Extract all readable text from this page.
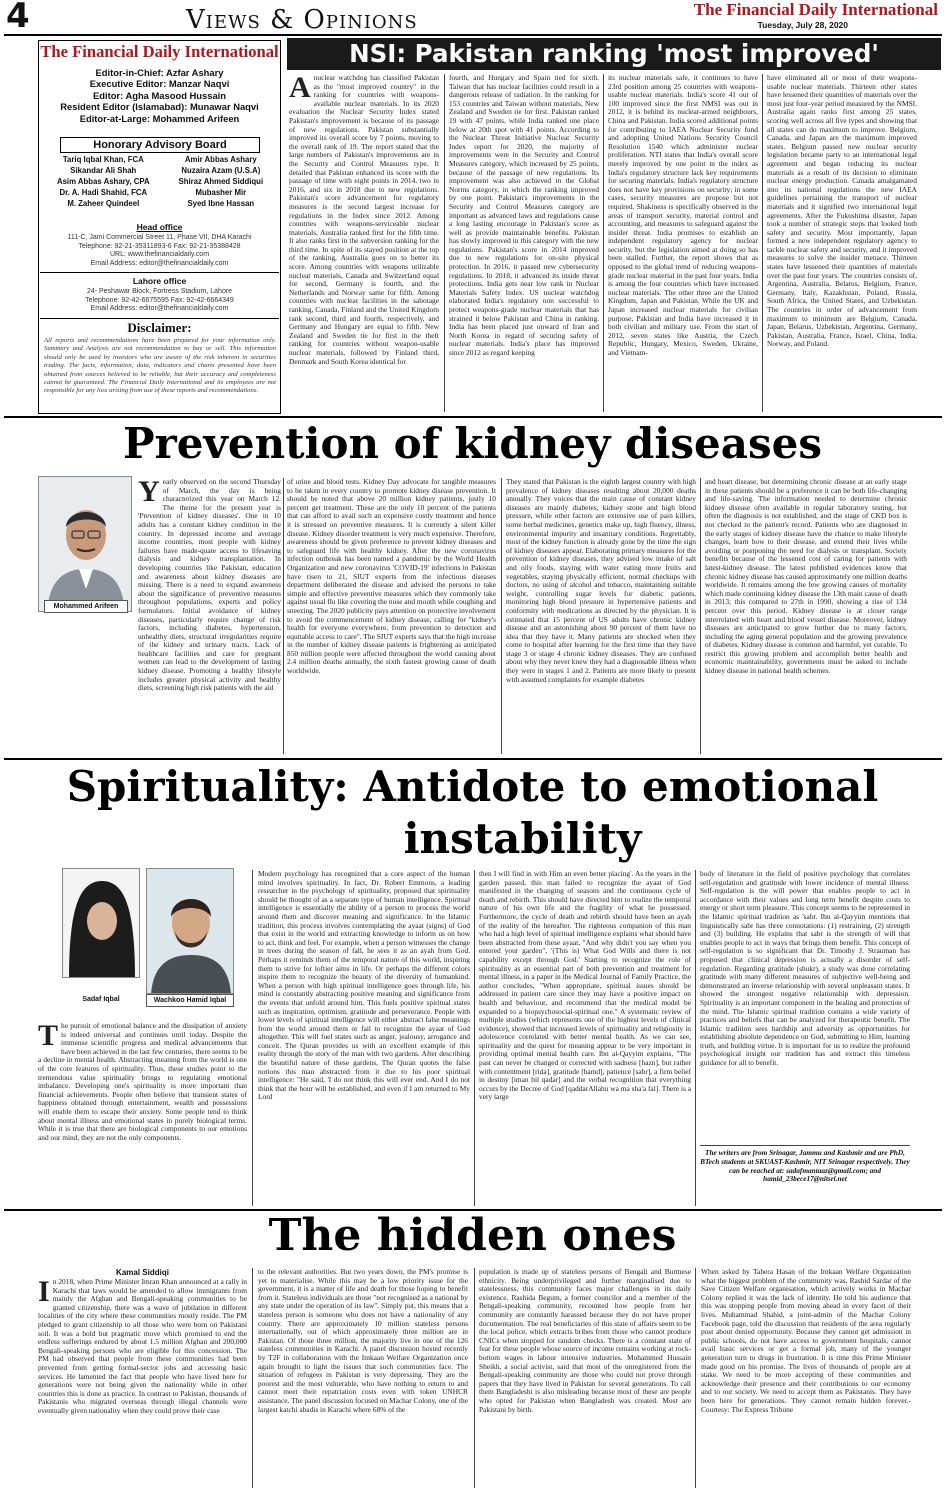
4	Views & Opinions	The Financial Daily International
Tuesday, July 28, 2020
The Financial Daily International
Editor-in-Chief: Azfar Ashary
Executive Editor: Manzar Naqvi
Editor: Agha Masood Hussain
Resident Editor (Islamabad): Munawar Naqvi
Editor-at-Large: Mohammed Arifeen
Honorary Advisory Board
Tariq Iqbal Khan, FCA	Amir Abbas Ashary
Sikandar Ali Shah	Nuzaira Azam (U.S.A)
Asim Abbas Ashary, CPA	Shiraz Ahmed Siddiqui
Dr. A. Hadi Shahid, FCA	Mubasher Mir
M. Zaheer Quindeel	Syed Ibne Hassan
Head office
111-C, Jami Commercial Street 11, Phase VII, DHA Karachi
Telephone: 92-21-35311893-6 Fax: 92-21-35388428
URL: www.thefinancialdaily.com
Email Address: editor@thefinancialdaily.com
Lahore office
24- Peshawar Block, Fortress Stadium, Lahore
Telephone: 92-42-6675595 Fax: 92-42-6664349
Email Address: editor@thefinancialdaily.com
Disclaimer:
All reports and recommendations have been prepared for your information only. Summary and Analysis are not recommendation to buy or sell. This information should only be used by investors who are aware of the risk inherent in securities trading. The facts, information, data, indicators and charts presented have been obtained from sources believed to be reliable, but their accuracy and completeness cannot be guaranteed. The Financial Daily International and its employees are not responsible for any loss arising from use of these reports and recommendations.
NSI: Pakistan ranking 'most improved'
A nuclear watchdog has classified Pakistan as the "most improved country" in the ranking for countries with weapons-available nuclear materials. In its 2020 evaluation the Nuclear Security Index stated Pakistan's improvement is because of its passage of new regulations. Pakistan substantially improved its overall score by 7 points, moving to the overall rank of 19. The report stated that the large numbers of Pakistan's improvements are in the Security and Control Measures type. It detailed that Pakistan enhanced its score with the passage of time with eight points in 2014, two in 2016, and six in 2018 due to new regulations. Pakistan's score advancement for regulatory measures is the second largest increase for regulations in the Index since 2012. Among countries with weapons-serviceable nuclear materials, Australia ranked first for the fifth time. It also ranks first in the subversion ranking for the third time. In spite of its stayed position at the top of the ranking, Australia goes on to better its score. Among countries with weapons utilizable nuclear materials, Canada and Switzerland equal for second, Germany is fourth, and the Netherlands and Norway same for fifth. Among countries with nuclear facilities in the sabotage ranking, Canada, Finland and the United Kingdom rank second, third and fourth, respectively, and Germany and Hungary are equal to fifth. New Zealand and Sweden tie for first in the theft ranking for countries without weapon-usable nuclear materials, followed by Finland third, Denmark and South Korea identical for
fourth, and Hungary and Spain tied for sixth. Taiwan that has nuclear facilities could result in a dangerous release of radiation. In the ranking for 153 countries and Taiwan without materials, New Zealand and Sweden tie for first. Pakistan ranked 19 with 47 points, while India ranked one place below at 20th spot with 41 points. According to the Nuclear Threat Initiative Nuclear Security Index report for 2020, the majority of improvements were in the Security and Control Measures category, which increased by 25 points, because of the passage of new regulations. Its improvement was also achieved in the Global Norms category, in which the ranking improved by one point. Pakistan's improvements in the Security and Control Measures category are important as advanced laws and regulations cause a long lasting encourage in Pakistan's score as well as provide maintainable benefits. Pakistan has slowly improved in this category with the new regulations. Pakistan's score in 2014 improved due to new regulations for on-site physical protection. In 2016, it passed new cybersecurity regulations. In 2018, it advanced its inside threat protections. India gets near low rank in Nuclear Materials Safety Index. US nuclear watchdog elaborated India's regulatory non successful to protect weapons-grade nuclear materials that has strained it below Pakistan and China in ranking. India has been placed just onward of Iran and North Korea in regard of securing safety of nuclear materials. India's place has improved since 2012 as regard keeping
its nuclear materials safe, it continues to have 23rd position among 25 countries with weapons-usable nuclear materials. India's score 41 out of 100 improved since the first NMSI was out in 2012, it is behind its nuclear-armed neighbours, China and Pakistan. India scored additional points for contributing to IAEA Nuclear Security fund and adopting United Nations Security Council Resolution 1540 which administer nuclear proliferation. NTI states that India's overall score merely improved by one point in the index as India's regulatory structure lack key requirements for securing materials. India's regulatory structure does not have key provisions on security; in some cases, security measures are propose but not required. Shakiness is specifically observed in the areas of transport security, material control and accounting, and measures to safeguard against the insider threat. India promises to establish an independent regulatory agency for nuclear security, but the legislation aimed at doing so has been stalled. Further, the report shows that as opposed to the global trend of reducing weapons-grade nuclear material in the past four years, India is among the four countries which have increased nuclear materials. The other three are the United Kingdom, Japan and Pakistan. While the UK and Japan increased nuclear materials for civilian purpose, Pakistan and India have increased it in both civilian and military use. From the start of 2012, seven states like Austria, the Czech Republic, Hungary, Mexico, Sweden, Ukraine, and Vietnam-
have eliminated all or most of their weapons-usable nuclear materials. Thirteen other states have lessened their quantities of materials over the most just four-year period measured by the NMSI. Australia again ranks first among 25 states, scoring well across all five types and showing that all states can do maximum to improve. Belgium, Canada, and Japan are the maximum improved states. Belgium passed new nuclear security legislation became party to an international legal agreement and began reducing its nuclear materials as a result of its decision to eliminate nuclear energy production. Canada amalgamated into its national regulations the new IAEA guidelines pertaining the transport of nuclear materials and it signified two international legal agreements. After the Fukushima disaster, Japan took a number of strategic steps that looked both safety and security. Most importantly, Japan formed a new independent regulatory agency to tackle nuclear safety and security, and it improved measures to solve the insider menace. Thirteen states have lessened their quantities of materials over the past four years. The countries consists of, Argentina, Australia, Belarus, Belgium, France, Germany, Italy, Kazakhstan, Poland, Russia, South Africa, the United States, and Uzbekistan. The countries in order of advancement from maximum to minimum are Belgium, Canada, Japan, Belarus, Uzbekistan, Argentina, Germany, Pakistan, Australia, France, Israel, China, India, Norway, and Poland.
Prevention of kidney diseases
Mohammed Arifeen
Yearly observed on the second Thursday of March, the day is being characterized this year on March 12. The theme for the present year is 'Prevention of kidney diseases'. One in 10 adults has a constant kidney condition in the country. In depressed income and average income countries, most people with kidney failures have made-quate access to lifesaving dialysis and kidney transplantation. In developing countries like Pakistan, education and awareness about kidney diseases are missing. There is a need to expand awareness about the significance of preventive measures throughout populations, experts and policy formulators. Initial avoidance of kidney diseases, particularly require change of risk factors, including diabetes, hypertension, unhealthy diets, structural irregularities require of the kidney and urinary tracts. Lack of healthcare facilities and care for pregnant women can lead to the development of lasting kidney disease. Promoting a healthy lifestyle includes greater physical activity and healthy diets, screening high risk patients with the aid
of urine and blood tests. Kidney Day advocate for tangible measures to be taken in every country to promote kidney disease prevention. It should be noted that above 20 million kidney patients, justly 10 percent get treatment. These are the only 10 percent of the patients that can afford to avail such an expensive costly treatment and hence it is stressed on preventive measures. It is currently a silent killer disease. Kidney disorder treatment is very much expensive. Therefore, awareness should be given preference to prevent kidney diseases and to safeguard life with healthy kidney. After the new coronavirus infection outbreak has been named a pandemic by the World Health Organization and new coronavirus 'COVID-19' infections in Pakistan have risen to 21, SIUT experts from the infectious diseases department deliberated the disease and advised the persons to take simple and effective preventive measures which they commonly take against usual flu like covering the nose and mouth while coughing and sneezing. The 2020 publicity pays attention on protective involvement to avoid the commencement of kidney disease, calling for "kidney's health for everyone everywhere, from prevention to detection and equitable access to care". The SIUT experts says that the high increase in the number of kidney disease patients is frightening as anticipated 850 million people were affected throughout the world causing about 2.4 million deaths annually, the sixth fastest growing cause of death worldwide.
They stated that Pakistan is the eighth largest country with high prevalence of kidney diseases resulting about 20,000 deaths annually. They voices that the main cause of constant kidney diseases are mainly diabetes, kidney stone and high blood pressure, while other factors are extensive use of pain killers, some herbal medicines, genetics make up, high fluency, illness, environmental impurity and insanitary conditions. Regrettably, most of the kidney function is already gone by the time the sign of kidney diseases appear. Elaborating primary measures for the prevention of kidney diseases, they advised low intake of salt and oily foods, staying with water eating more fruits and vegetables, staying physically efficient, normal checkups with doctors, no using of alcohol and tobacco, maintaining suitable weight, controlling sugar levels for diabetic patients, monitoring high blood pressure in hypertensive patients and conformity with medications as directed by the physician. It is estimated that 15 percent of US adults have chronic kidney disease and an astonishing about 90 percent of them have no idea that they have it. Many patients are shocked when they come to hospital after learning for the first time that they have stage 3 or stage 4 chronic kidney diseases. They are confused about why they never knew they had a diagnosable illness when they were in stages 1 and 2. Patients are more likely to present with assumed complaints for example diabetes
and heart disease, but determining chronic disease at an early stage in these patients should be a preference it can be both life-changing and life-saving. The information needed to determine chronic kidney disease often available in regular laboratory testing, but often the diagnosis is not established, and the stage of CKD box is not checked in the patient's record. Patients who are diagnosed in the early stages of kidney disease have the chance to make lifestyle changes, learn how to their disease, and extend their lives while avoiding or postponing the need for dialysis or transplant. Society benefits because of the lessened cost of caring for patients with latest-kidney disease. The latest published evidences know that chronic kidney disease has caused approximately one million deaths worldwide. It remains among the few growing causes of mortality which made continuing kidney disease the 13th main cause of death in 2013; this compared to 27th in 1990, showing a rise of 134 percent over this period. Kidney disease is at closer range interrelated with heart and blood vessel disease. Moreover, kidney diseases are anticipated to grow further due to many factors, including the aging general population and the growing prevalence of diabetes. Kidney disease is common and harmful, yet curable. To restrict this growing problem and accomplish better health and economic maintainability, governments must be asked to include kidney disease in national health schemes.
Spirituality: Antidote to emotional
instability
Sadaf Iqbal	Wachkoo Hamid Iqbal
The pursuit of emotional balance and the dissipation of anxiety is indeed universal and continues until today. Despite the immense scientific progress and medical advancements that have been achieved in the last few centuries, there seems to be a decline in mental health. Abstracting meaning from the world is one of the core features of spirituality. Thus, these studies point to the tremendous value spirituality brings to regulating emotional imbalance. Developing one's spirituality is more important than financial achievements. People often believe that transient states of happiness obtained through entertainment, wealth and possessions will enable them to escape their anxiety. Some people tend to think about mental illness and emotional states in purely biological terms. While it is true that there are biological components to our emotions and our mind, they are not the only components.
Modern psychology has recognized that a core aspect of the human mind involves spirituality. In fact, Dr. Robert Emmons, a leading researcher in the psychology of spirituality, proposed that spirituality should be thought of as a separate type of human intelligence. Spiritual intelligence is essentially the ability of a person to process the world around them and discover meaning and significance. In the Islamic tradition, this process involves contemplating the ayaat (signs) of God that exist in the world and extracting knowledge to inform us on how to act, think and feel. For example, when a person witnesses the change in trees during the season of fall, he sees it as an ayah from God. Perhaps it reminds them of the temporal nature of this world, inspiring them to strive for loftier aims in life. Or perhaps the different colors inspire them to recognize the beauty of the diversity of humankind. When a person with high spiritual intelligence goes through life, his mind is constantly abstracting positive meaning and significance from the events that unfold around him. This fuels positive spiritual states such as inspiration, optimism, gratitude and perseverance. People with lower levels of spiritual intelligence will either abstract false meanings from the world around them or fail to recognize the ayaat of God altogether. This will fuel states such as anger, jealousy, arrogance and conceit. The Quran provides us with an excellent example of this reality through the story of the man with two gardens. After describing the beautiful nature of these gardens, The Quran quotes the false notions this man abstracted from it due to his poor spiritual intelligence: "He said, 'I do not think this will ever end. And I do not think that the hour will be established, and even if I am returned to My Lord
then I will find in with Him an even better placing'. As the years in the garden passed, this man failed to recognize the ayaat of God manifested in the changing of seasons and the continuous cycle of death and rebirth. This should have directed him to realize the temporal nature of his own life and the fragility of what he possessed. Furthermore, the cycle of death and rebirth should have been an ayah of the reality of the hereafter. The righteous companion of this man who had a high level of spiritual intelligence explains what should have been abstracted from these ayaat, "And why didn't you say when you entered your garden", '(This is) What God Wills and there is not capability except through God.' Starting to recognize the role of spirituality as an essential part of both prevention and treatment for mental illness, in a paper in the Medical Journal of Family Practice, the author concludes, "When appropriate, spiritual issues should be addressed in patient care since they may have a positive impact on health and behaviour, and recommend that the medical model be expanded to a biopsychosocial-spiritual one." A systematic review of multiple studies (which represents one of the highest levels of clinical evidence), showed that increased levels of spirituality and religiosity in adolescence correlated with better mental health. As we can see, spirituality and the quest for meaning appear to be very important in providing optimal mental health care. Ibn al-Qayyim explains, "The past can never be changed or corrected with sadness [hazn], but rather with contentment [rida], gratitude [hamd], patience [sabr], a firm belief in destiny [iman bil qadar] and the verbal recognition that everything occurs by the Decree of God [qaddarAllahu wa ma sha'a fal]. There is a very large
body of literature in the field of positive psychology that correlates self-regulation and gratitude with lower incidence of mental illness. Self-regulation is the will power that enables people to act in accordance with their values and long term benefit despite costs to energy or short term pleasure. This concept seems to be represented in the Islamic spiritual tradition as 'sabr. Ibn al-Qayyim mentions that linguistically sabr has three connotations: (1) restraining, (2) strength and (3) building. He explains that sabr is the strength of will that enables people to act in ways that brings them benefit. This concept of self-regulation is so significant that Dr. Timothy J. Strauman has proposed that clinical depression is actually a disorder of self-regulation. Regarding gratitude (shukr), a study was done correlating gratitude with many different measures of subjective well-being and demonstrated an inverse relationship with several unpleasant states. It showed the strongest negative relationship with depression. Spirituality is an important component in the healing and protection of the mind. The Islamic spiritual tradition contains a wide variety of practices and beliefs that can be analyzed for therapeutic benefit. The Islamic tradition sees hardship and adversity as opportunities for establishing absolute dependence on God, submitting to Him, learning truth, and building virtue. It is important for us to realize the profound psychological insight our tradition has and extract this timeless guidance for all to benefit.
The writers are from Srinagar, Jammu and Kashmir and are PhD, BTech students at SKUAST-Kashmir, NIT Srinagar respectively. They can be reached at: sadafmantaaz@gmail.com; and hamid_23bece17@nitsri.net
The hidden ones
Kamal Siddiqi
In 2018, when Prime Minister Imran Khan announced at a rally in Karachi that laws would be amended to allow immigrants from mainly the Afghan and Bengali-speaking communities to be granted citizenship, there was a wave of jubilation in different localities of the city where these communities mostly reside. The PM pledged to grant citizenship to all those who were born on Pakistani soil. It was a bold but pragmatic move which promised to end the endless sufferings endured by about 1.5 million Afghan and 200,000 Bengali-speaking persons who are eligible for this concession. The PM had observed that people from these communities had been prevented from getting formal-sector jobs and accessing basic services. He lamented the fact that people who have lived here for generations were not being given the nationality while in other countries this is done as practice. In contrast to Pakistan, thousands of Pakistanis who migrated overseas through illegal channels were eventually given nationality when they could prove their case
to the relevant authorities. But two years down, the PM's promise is yet to materialise. While this may be a low priority issue for the government, it is a matter of life and death for those hoping to benefit from it. Stateless individuals are those "not recognised as a national by any state under the operation of its law". Simply put, this means that a stateless person is someone who does not have a nationality of any country. There are approximately 10 million stateless persons internationally, out of which approximately three million are in Pakistan. Of those three million, the majority live in one of the 126 stateless communities in Karachi. A panel discussion hosted recently by T2F in collaboration with the Imkaan Welfare Organization once again brought to light the issues that such communities face. The situation of refugees in Pakistan is very depressing. They are the poorest and the most vulnerable, who have nothing to return to and cannot meet their repatriation costs even with token UNHCR assistance. The panel discussion focused on Machar Colony, one of the largest katchi abadis in Karachi where 68% of the
population is made up of stateless persons of Bengali and Burmese ethnicity. Being underprivileged and further marginalised due to statelessness, this community faces major challenges in its daily existence. Rashida Begum, a former councilor and a member of the Bengali-speaking community, recounted how people from her community are constantly harassed because they do not have proper documentation. The real beneficiaries of this state of affairs seem to be the local police, which extracts bribes from those who cannot produce CNICs when stopped for random checks. There is a constant state of fear for these people whose source of income remains working at rock-bottom wages in labour intensive industries. Mohammed Hussain Sheikh, a social activist, said that most of the unregistered from the Bengali-speaking community are those who could not prove through papers that they have lived in Pakistan for several generations. To call them Bangladeshi is also misleading because most of these are people who opted for Pakistan when Bangladesh was created. Most are Pakistani by birth.
When asked by Tahera Hasan of the Imkaan Welfare Organization what the biggest problem of the community was, Rashid Sardar of the Save Citizen Welfare organisation, which actively works in Machar Colony replied it was the lack of identity. He told his audience that this was stopping people from moving ahead in every facet of their lives. Muhammad Shahid, a joint-admin of the Machar Colony Facebook page, told the discussion that residents of the area regularly post about denied opportunity. Because they cannot get admission in public schools, do not have access to government hospitals, cannot avail basic services or get a formal job, many of the younger generation turn to drugs in frustration. It is time this Prime Minister made good on his promise. The lives of thousands of people are at stake. We need to be more accepting of these communities and acknowledge their presence and their contributions to our economy and to our society. We need to accept them as Pakistanis. They have been here for generations. They cannot remain hidden forever.-Courtesy: The Express Tribune
